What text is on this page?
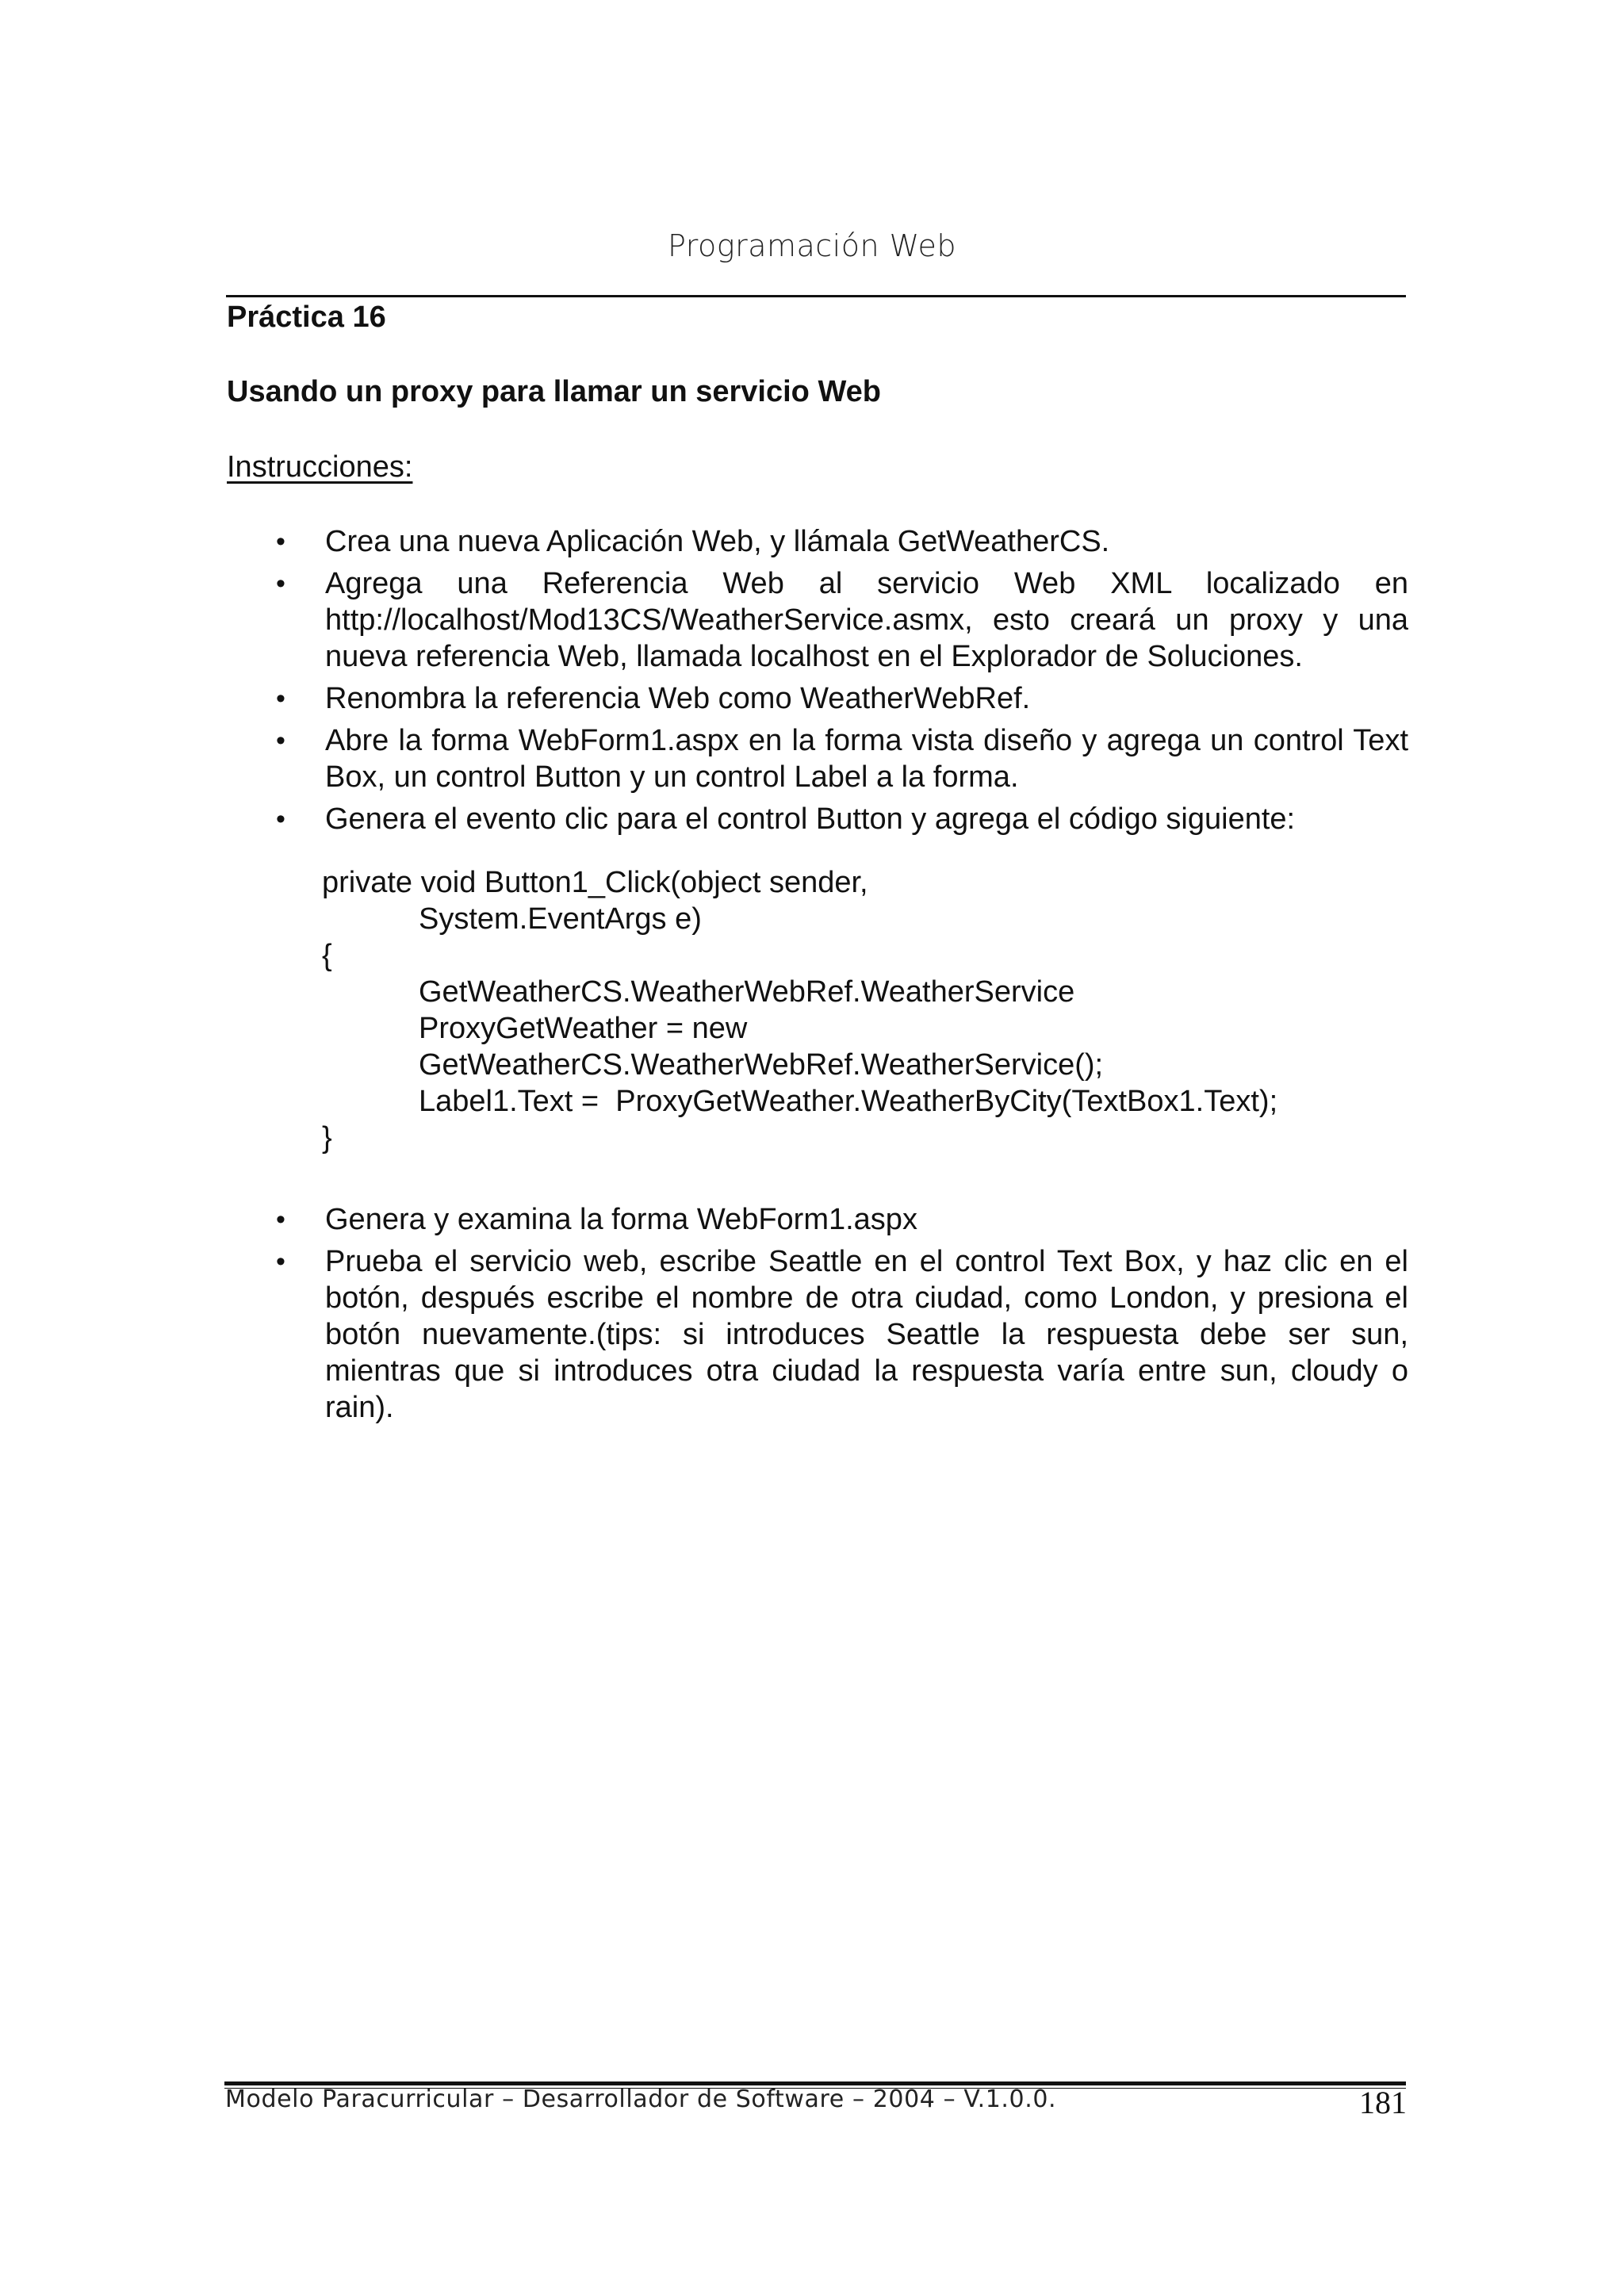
Programación Web
Práctica 16
Usando un proxy para llamar un servicio Web

Instrucciones:

• Crea una nueva Aplicación Web, y llámala GetWeatherCS.
• Agrega una Referencia Web al servicio Web XML localizado en http://localhost/Mod13CS/WeatherService.asmx, esto creará un proxy y una nueva referencia Web, llamada localhost en el Explorador de Soluciones.
• Renombra la referencia Web como WeatherWebRef.
• Abre la forma WebForm1.aspx en la forma vista diseño y agrega un control Text Box, un control Button y un control Label a la forma.
• Genera el evento clic para el control Button y agrega el código siguiente:
private void Button1_Click(object sender,
System.EventArgs e)
{
GetWeatherCS.WeatherWebRef.WeatherService
ProxyGetWeather = new
GetWeatherCS.WeatherWebRef.WeatherService();
Label1.Text =  ProxyGetWeather.WeatherByCity(TextBox1.Text);
}
• Genera y examina la forma WebForm1.aspx
• Prueba el servicio web, escribe Seattle en el control Text Box, y haz clic en el botón, después escribe el nombre de otra ciudad, como London, y presiona el botón nuevamente.(tips: si introduces Seattle la respuesta debe ser sun, mientras que si introduces otra ciudad la respuesta varía entre sun, cloudy o rain).
Modelo Paracurricular – Desarrollador de Software – 2004 – V.1.0.0.	181
